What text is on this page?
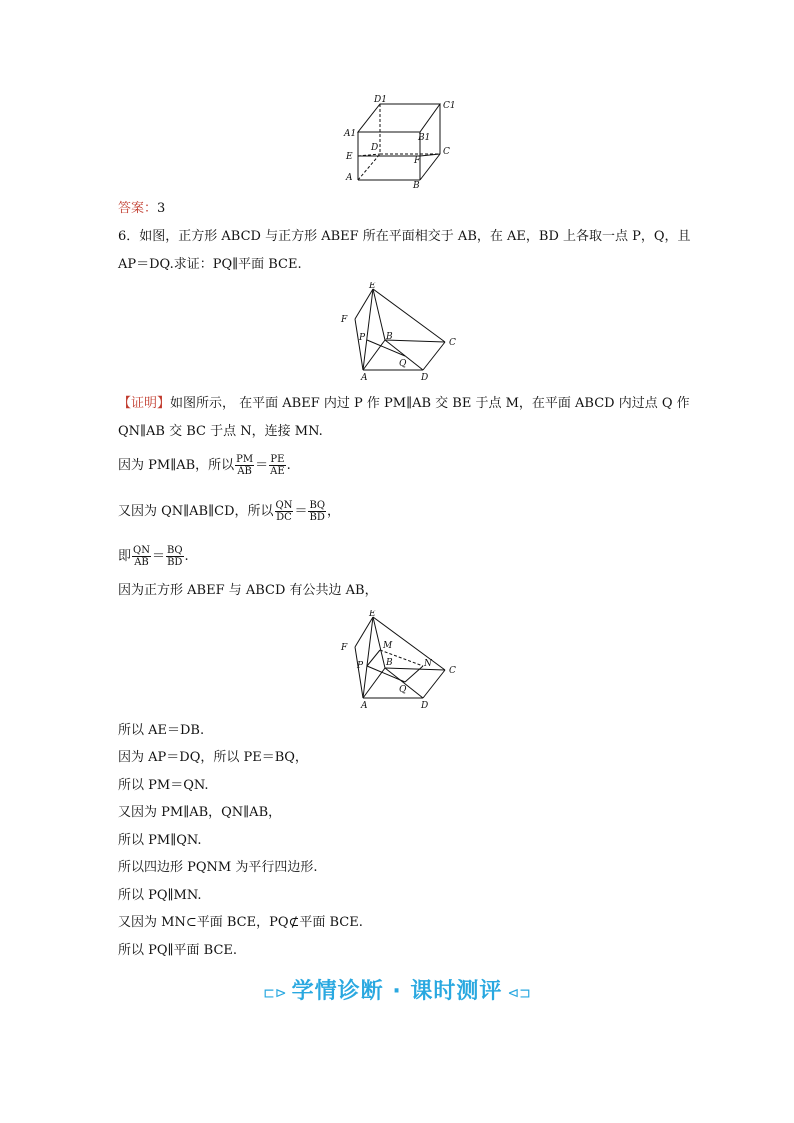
D1
C1
A1	B1
E
D
F
C
A
B
答案：3
6．如图，正方形 ABCD 与正方形 ABEF 所在平面相交于 AB，在 AE，BD 上各取一点 P，Q，且
AP＝DQ.求证：PQ∥平面 BCE.
E
F
B
P	C
Q
A	D
【证明】如图所示， 在平面 ABEF 内过 P 作 PM∥AB 交 BE 于点 M，在平面 ABCD 内过点 Q 作
QN∥AB 交 BC 于点 N，连接 MN.
因为 PM∥AB，所以 $\frac{PM}{AB} = \frac{PE}{AE}$ .
又因为 QN∥AB∥CD，所以 $\frac{QN}{DC} = \frac{BQ}{BD}$ ，
即 $\frac{QN}{AB} = \frac{BQ}{BD}$ .
因为正方形 ABEF 与 ABCD 有公共边 AB，
E
F	M
B	N
P	C
Q
A	D
所以 AE＝DB.
因为 AP＝DQ，所以 PE＝BQ，
所以 PM＝QN.
又因为 PM∥AB，QN∥AB，
所以 PM∥QN.
所以四边形 PQNM 为平行四边形.
所以 PQ∥MN.
又因为 MN⊂平面 BCE，PQ⊄平面 BCE.
所以 PQ∥平面 BCE.
⊏⊳ 学情诊断 · 课时测评 ⊲⊐
